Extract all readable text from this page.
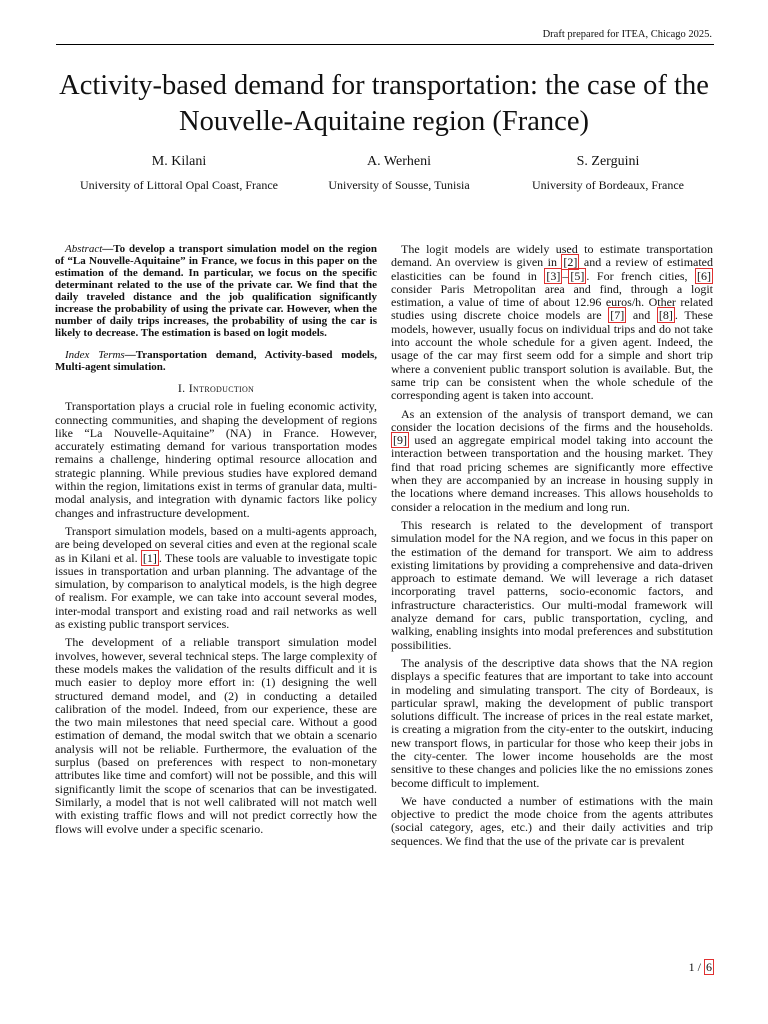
Draft prepared for ITEA, Chicago 2025.
Activity-based demand for transportation: the case of the Nouvelle-Aquitaine region (France)
M. Kilani
University of Littoral Opal Coast, France
A. Werheni
University of Sousse, Tunisia
S. Zerguini
University of Bordeaux, France

Abstract—To develop a transport simulation model on the region of “La Nouvelle-Aquitaine” in France, we focus in this paper on the estimation of the demand. In particular, we focus on the specific determinant related to the use of the private car. We find that the daily traveled distance and the job qualification significantly increase the probability of using the private car. However, when the number of daily trips increases, the probability of using the car is likely to decrease. The estimation is based on logit models.

Index Terms—Transportation demand, Activity-based models, Multi-agent simulation.

I. Introduction

Transportation plays a crucial role in fueling economic activity, connecting communities, and shaping the development of regions like “La Nouvelle-Aquitaine” (NA) in France. However, accurately estimating demand for various transportation modes remains a challenge, hindering optimal resource allocation and strategic planning. While previous studies have explored demand within the region, limitations exist in terms of granular data, multi-modal analysis, and integration with dynamic factors like policy changes and infrastructure development.

Transport simulation models, based on a multi-agents approach, are being developed on several cities and even at the regional scale as in Kilani et al. [1] . These tools are valuable to investigate topic issues in transportation and urban planning. The advantage of the simulation, by comparison to analytical models, is the high degree of realism. For example, we can take into account several modes, inter-modal transport and existing road and rail networks as well as existing public transport services.

The development of a reliable transport simulation model involves, however, several technical steps. The large complexity of these models makes the validation of the results difficult and it is much easier to deploy more effort in: (1) designing the well structured demand model, and (2) in conducting a detailed calibration of the model. Indeed, from our experience, these are the two main milestones that need special care. Without a good estimation of demand, the modal switch that we obtain a scenario analysis will not be reliable. Furthermore, the evaluation of the surplus (based on preferences with respect to non-monetary attributes like time and comfort) will not be possible, and this will significantly limit the scope of scenarios that can be investigated. Similarly, a model that is not well calibrated will not match well with existing traffic flows and will not predict correctly how the flows will evolve under a specific scenario.

The logit models are widely used to estimate transportation demand. An overview is given in [2] and a review of estimated elasticities can be found in [3] – [5] . For french cities, [6] consider Paris Metropolitan area and find, through a logit estimation, a value of time of about 12.96 euros/h. Other related studies using discrete choice models are [7] and [8] . These models, however, usually focus on individual trips and do not take into account the whole schedule for a given agent. Indeed, the usage of the car may first seem odd for a simple and short trip where a convenient public transport solution is available. But, the same trip can be consistent when the whole schedule of the corresponding agent is taken into account.

As an extension of the analysis of transport demand, we can consider the location decisions of the firms and the households. [9] used an aggregate empirical model taking into account the interaction between transportation and the housing market. They find that road pricing schemes are significantly more effective when they are accompanied by an increase in housing supply in the locations where demand increases. This allows households to consider a relocation in the medium and long run.

This research is related to the development of transport simulation model for the NA region, and we focus in this paper on the estimation of the demand for transport. We aim to address existing limitations by providing a comprehensive and data-driven approach to estimate demand. We will leverage a rich dataset incorporating travel patterns, socio-economic factors, and infrastructure characteristics. Our multi-modal framework will analyze demand for cars, public transportation, cycling, and walking, enabling insights into modal preferences and substitution possibilities.

The analysis of the descriptive data shows that the NA region displays a specific features that are important to take into account in modeling and simulating transport. The city of Bordeaux, is particular sprawl, making the development of public transport solutions difficult. The increase of prices in the real estate market, is creating a migration from the city-enter to the outskirt, inducing new transport flows, in particular for those who keep their jobs in the city-center. The lower income households are the most sensitive to these changes and policies like the no emissions zones become difficult to implement.

We have conducted a number of estimations with the main objective to predict the mode choice from the agents attributes (social category, ages, etc.) and their daily activities and trip sequences. We find that the use of the private car is prevalent

1 / 6
